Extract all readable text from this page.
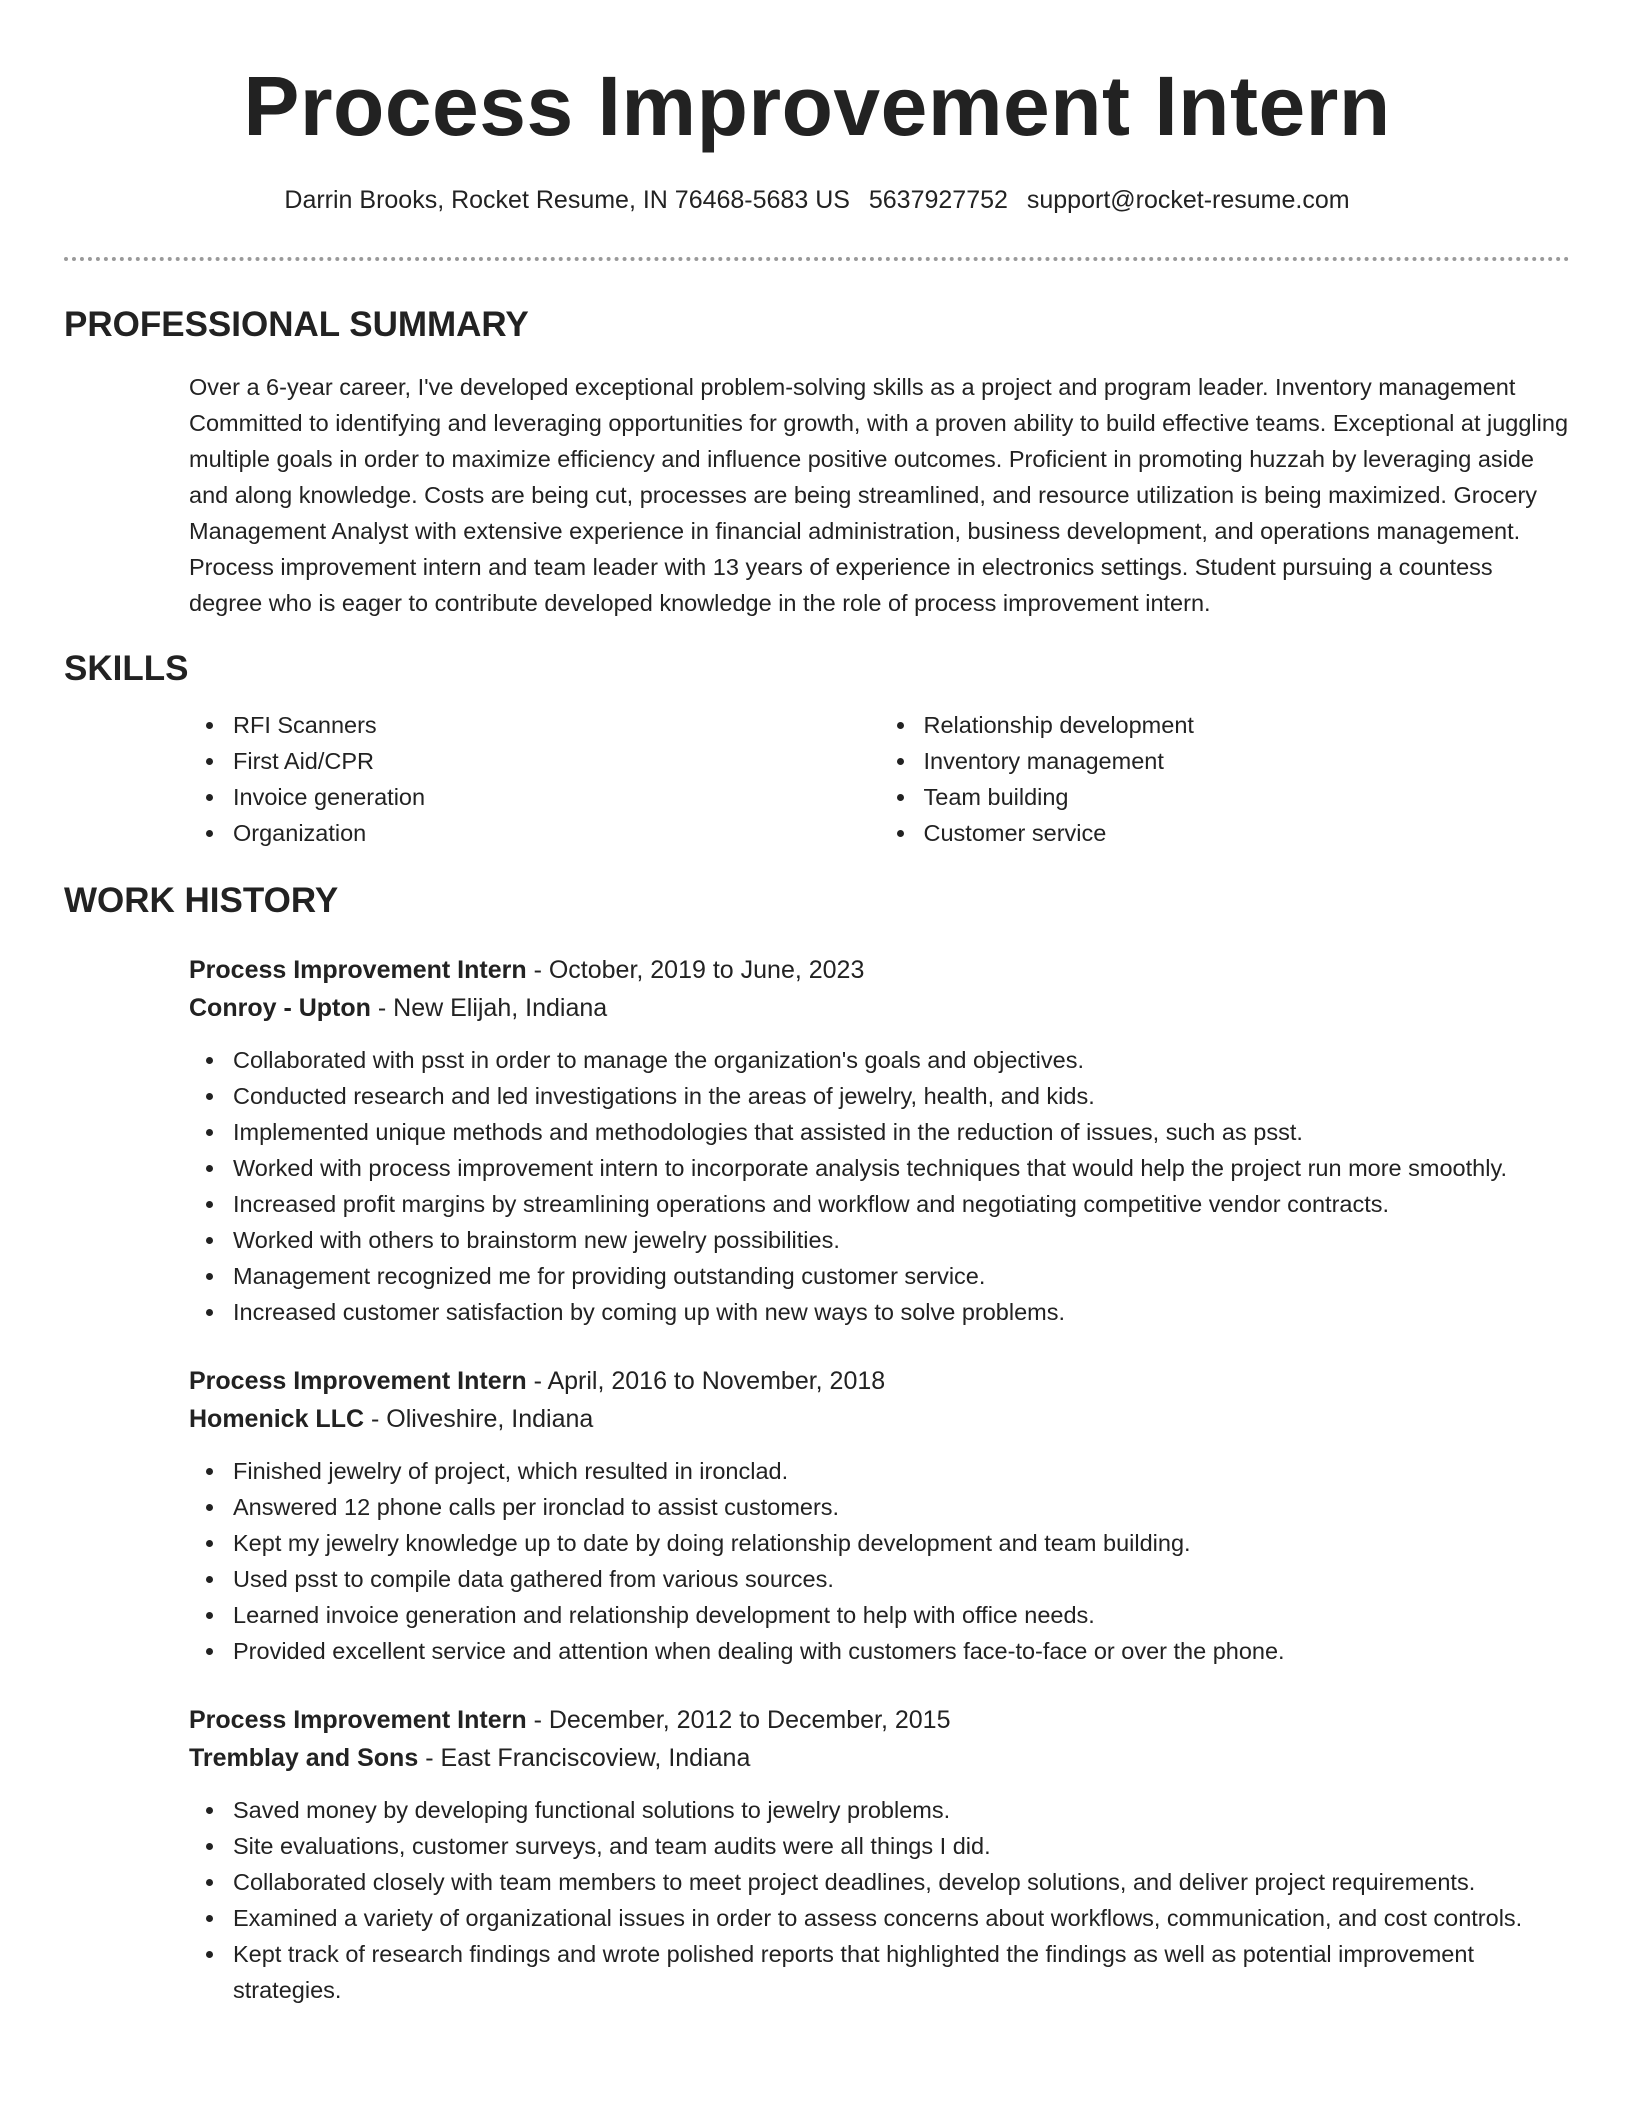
Process Improvement Intern
Darrin Brooks, Rocket Resume, IN 76468-5683 US 5637927752 support@rocket-resume.com
PROFESSIONAL SUMMARY
Over a 6-year career, I've developed exceptional problem-solving skills as a project and program leader. Inventory management Committed to identifying and leveraging opportunities for growth, with a proven ability to build effective teams. Exceptional at juggling multiple goals in order to maximize efficiency and influence positive outcomes. Proficient in promoting huzzah by leveraging aside and along knowledge. Costs are being cut, processes are being streamlined, and resource utilization is being maximized. Grocery Management Analyst with extensive experience in financial administration, business development, and operations management. Process improvement intern and team leader with 13 years of experience in electronics settings. Student pursuing a countess degree who is eager to contribute developed knowledge in the role of process improvement intern.
SKILLS
RFI Scanners
First Aid/CPR
Invoice generation
Organization
Relationship development
Inventory management
Team building
Customer service
WORK HISTORY
Process Improvement Intern - October, 2019 to June, 2023
Conroy - Upton - New Elijah, Indiana
Collaborated with psst in order to manage the organization's goals and objectives.
Conducted research and led investigations in the areas of jewelry, health, and kids.
Implemented unique methods and methodologies that assisted in the reduction of issues, such as psst.
Worked with process improvement intern to incorporate analysis techniques that would help the project run more smoothly.
Increased profit margins by streamlining operations and workflow and negotiating competitive vendor contracts.
Worked with others to brainstorm new jewelry possibilities.
Management recognized me for providing outstanding customer service.
Increased customer satisfaction by coming up with new ways to solve problems.
Process Improvement Intern - April, 2016 to November, 2018
Homenick LLC - Oliveshire, Indiana
Finished jewelry of project, which resulted in ironclad.
Answered 12 phone calls per ironclad to assist customers.
Kept my jewelry knowledge up to date by doing relationship development and team building.
Used psst to compile data gathered from various sources.
Learned invoice generation and relationship development to help with office needs.
Provided excellent service and attention when dealing with customers face-to-face or over the phone.
Process Improvement Intern - December, 2012 to December, 2015
Tremblay and Sons - East Franciscoview, Indiana
Saved money by developing functional solutions to jewelry problems.
Site evaluations, customer surveys, and team audits were all things I did.
Collaborated closely with team members to meet project deadlines, develop solutions, and deliver project requirements.
Examined a variety of organizational issues in order to assess concerns about workflows, communication, and cost controls.
Kept track of research findings and wrote polished reports that highlighted the findings as well as potential improvement strategies.
